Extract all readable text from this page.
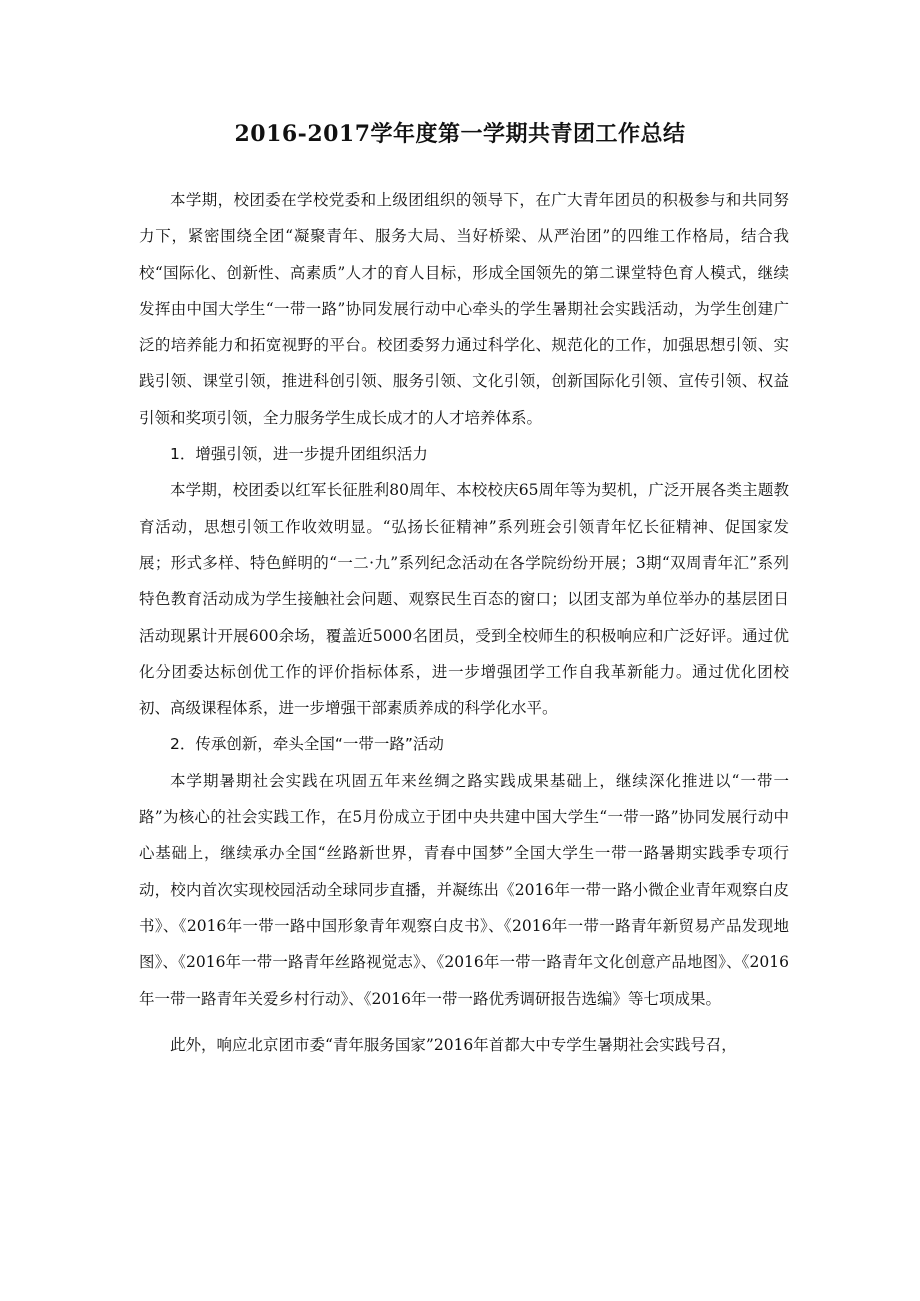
2016-2017学年度第一学期共青团工作总结

本学期，校团委在学校党委和上级团组织的领导下，在广大青年团员的积极参与和共同努力下，紧密围绕全团“凝聚青年、服务大局、当好桥梁、从严治团”的四维工作格局，结合我校“国际化、创新性、高素质”人才的育人目标，形成全国领先的第二课堂特色育人模式，继续发挥由中国大学生“一带一路”协同发展行动中心牵头的学生暑期社会实践活动，为学生创建广泛的培养能力和拓宽视野的平台。校团委努力通过科学化、规范化的工作，加强思想引领、实践引领、课堂引领，推进科创引领、服务引领、文化引领，创新国际化引领、宣传引领、权益引领和奖项引领，全力服务学生成长成才的人才培养体系。

1．增强引领，进一步提升团组织活力

本学期，校团委以红军长征胜利80周年、本校校庆65周年等为契机，广泛开展各类主题教育活动，思想引领工作收效明显。“弘扬长征精神”系列班会引领青年忆长征精神、促国家发展；形式多样、特色鲜明的“一二·九”系列纪念活动在各学院纷纷开展；3期“双周青年汇”系列特色教育活动成为学生接触社会问题、观察民生百态的窗口；以团支部为单位举办的基层团日活动现累计开展600余场，覆盖近5000名团员，受到全校师生的积极响应和广泛好评。通过优化分团委达标创优工作的评价指标体系，进一步增强团学工作自我革新能力。通过优化团校初、高级课程体系，进一步增强干部素质养成的科学化水平。

2．传承创新，牵头全国“一带一路”活动

本学期暑期社会实践在巩固五年来丝绸之路实践成果基础上，继续深化推进以“一带一路”为核心的社会实践工作，在5月份成立于团中央共建中国大学生“一带一路”协同发展行动中心基础上，继续承办全国“丝路新世界，青春中国梦”全国大学生一带一路暑期实践季专项行动，校内首次实现校园活动全球同步直播，并凝练出《2016年一带一路小微企业青年观察白皮书》、《2016年一带一路中国形象青年观察白皮书》、《2016年一带一路青年新贸易产品发现地图》、《2016年一带一路青年丝路视觉志》、《2016年一带一路青年文化创意产品地图》、《2016年一带一路青年关爱乡村行动》、《2016年一带一路优秀调研报告选编》等七项成果。

此外，响应北京团市委“青年服务国家”2016年首都大中专学生暑期社会实践号召，
